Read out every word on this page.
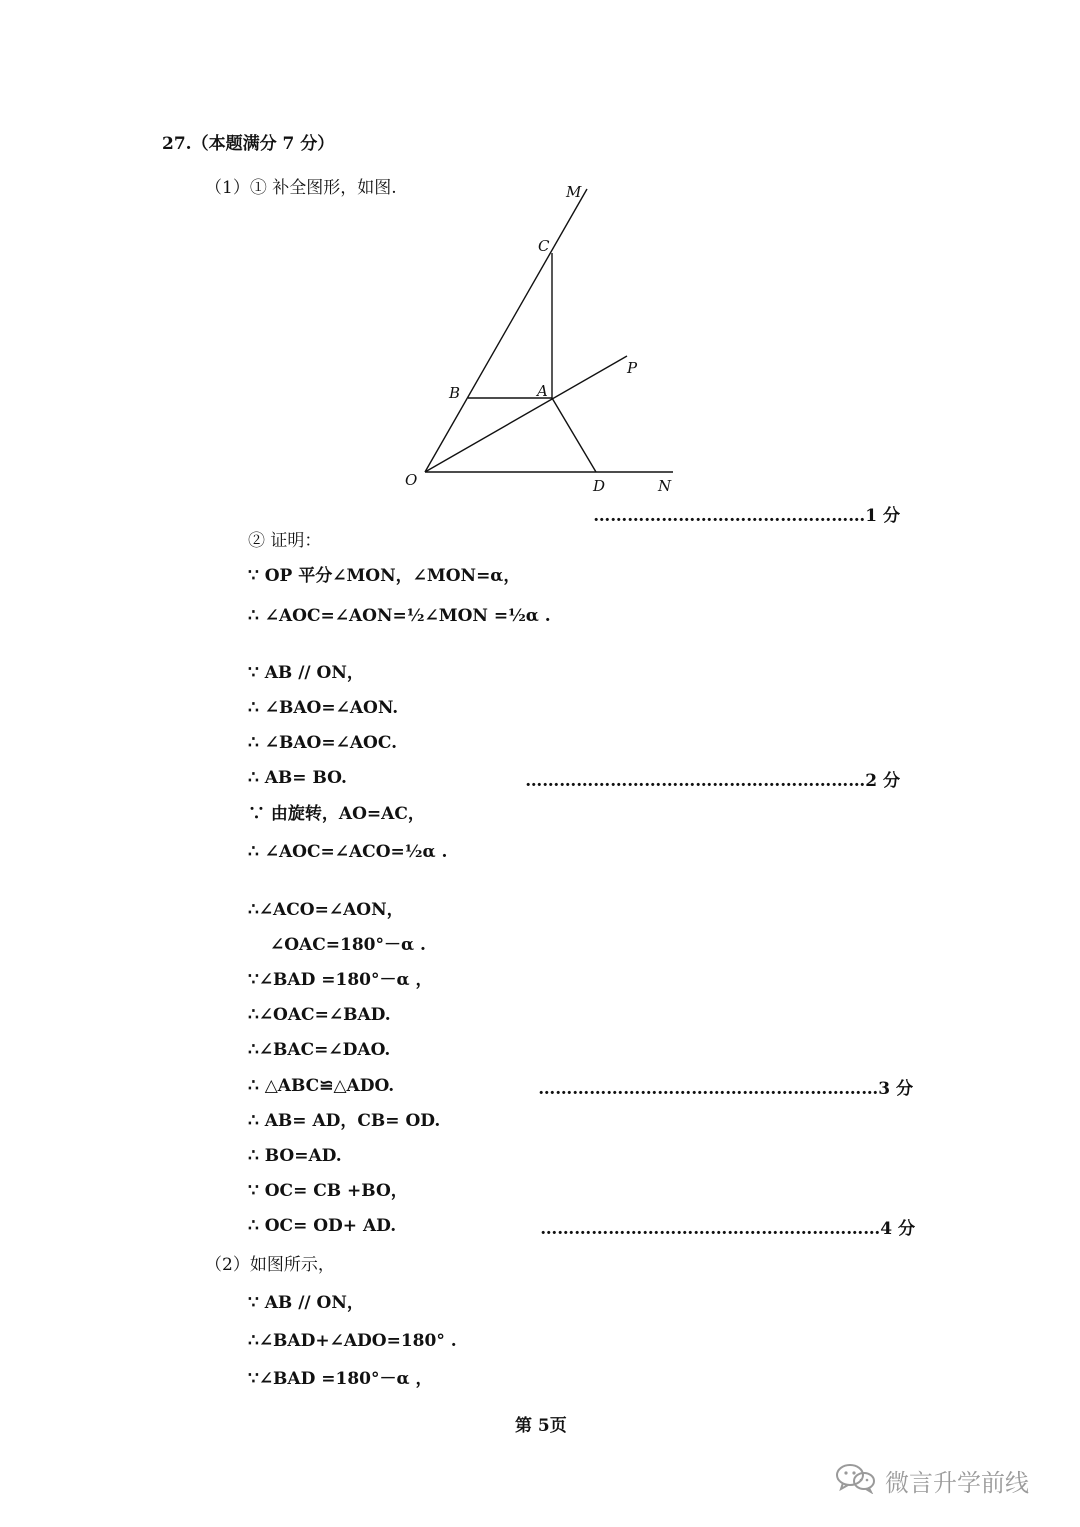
27.（本题满分 7 分）
（1）① 补全图形，如图.	M
C
P
B	A
O	D	N
…………………………………………1 分
② 证明：
∵ OP 平分∠MON，∠MON=α，
∴ ∠AOC=∠AON=½∠MON =½α .
∵ AB // ON，
∴ ∠BAO=∠AON.
∴ ∠BAO=∠AOC.
∴ AB= BO.	……………………………………………………2 分
∵ 由旋转，AO=AC，
∴ ∠AOC=∠ACO=½α .
∴∠ACO=∠AON，
∠OAC=180°－α .
∵∠BAD =180°－α ，
∴∠OAC=∠BAD.
∴∠BAC=∠DAO.
∴ △ABC≌△ADO.	……………………………………………………3 分
∴ AB= AD，CB= OD.
∴ BO=AD.
∵ OC= CB +BO，
∴ OC= OD+ AD.	……………………………………………………4 分
（2）如图所示，
∵ AB // ON，
∴∠BAD+∠ADO=180° .
∵∠BAD =180°－α ，
第 5页
微言升学前线
